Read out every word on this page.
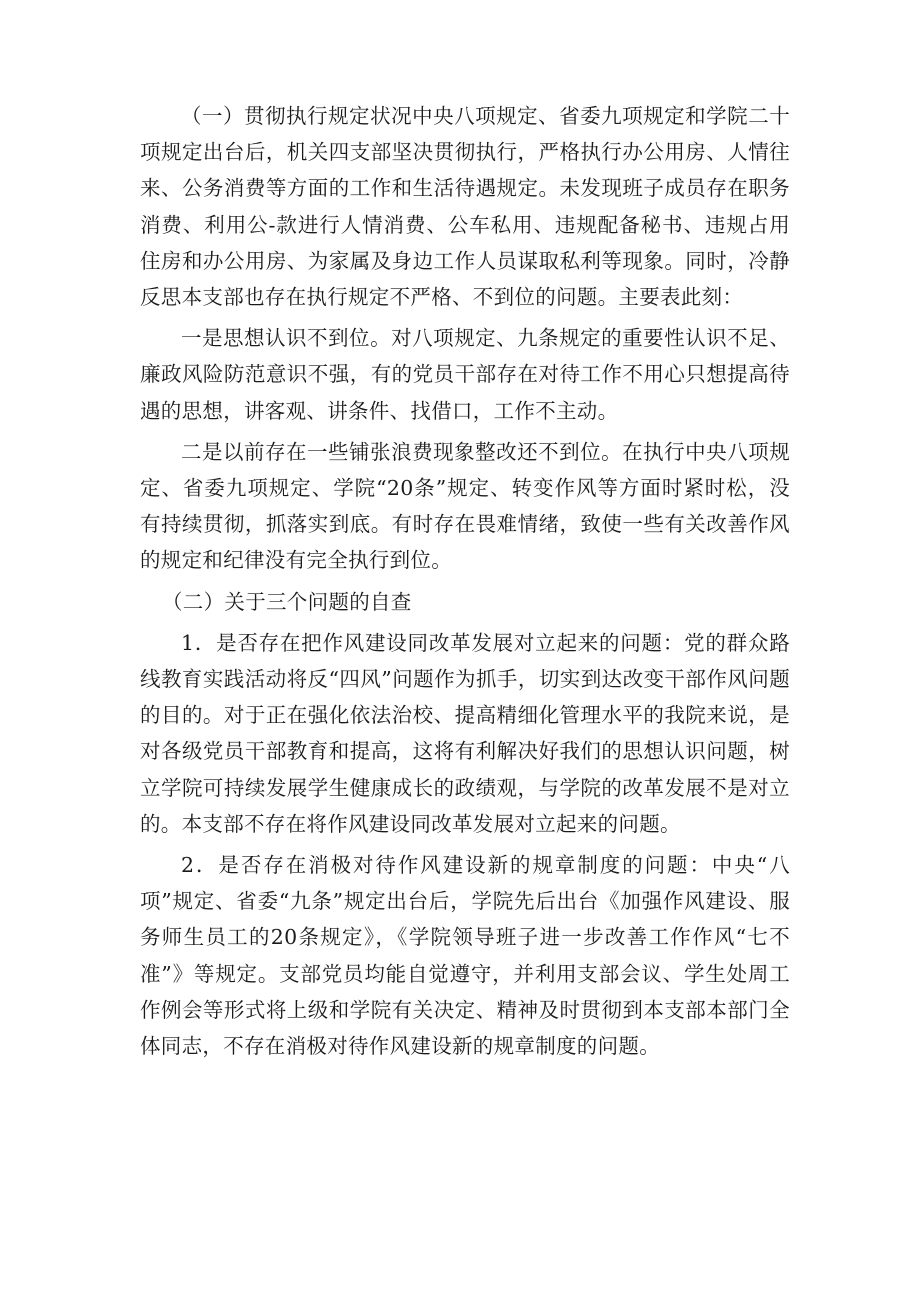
（一）贯彻执行规定状况中央八项规定、省委九项规定和学院二十项规定出台后，机关四支部坚决贯彻执行，严格执行办公用房、人情往来、公务消费等方面的工作和生活待遇规定。未发现班子成员存在职务消费、利用公-款进行人情消费、公车私用、违规配备秘书、违规占用住房和办公用房、为家属及身边工作人员谋取私利等现象。同时，冷静反思本支部也存在执行规定不严格、不到位的问题。主要表此刻：

一是思想认识不到位。对八项规定、九条规定的重要性认识不足、廉政风险防范意识不强，有的党员干部存在对待工作不用心只想提高待遇的思想，讲客观、讲条件、找借口，工作不主动。

二是以前存在一些铺张浪费现象整改还不到位。在执行中央八项规定、省委九项规定、学院“20条”规定、转变作风等方面时紧时松，没有持续贯彻，抓落实到底。有时存在畏难情绪，致使一些有关改善作风的规定和纪律没有完全执行到位。

（二）关于三个问题的自查

1．是否存在把作风建设同改革发展对立起来的问题：党的群众路线教育实践活动将反“四风”问题作为抓手，切实到达改变干部作风问题的目的。对于正在强化依法治校、提高精细化管理水平的我院来说，是对各级党员干部教育和提高，这将有利解决好我们的思想认识问题，树立学院可持续发展学生健康成长的政绩观，与学院的改革发展不是对立的。本支部不存在将作风建设同改革发展对立起来的问题。

2．是否存在消极对待作风建设新的规章制度的问题：中央“八项”规定、省委“九条”规定出台后，学院先后出台《加强作风建设、服务师生员工的20条规定》，《学院领导班子进一步改善工作作风“七不准”》等规定。支部党员均能自觉遵守，并利用支部会议、学生处周工作例会等形式将上级和学院有关决定、精神及时贯彻到本支部本部门全体同志，不存在消极对待作风建设新的规章制度的问题。
